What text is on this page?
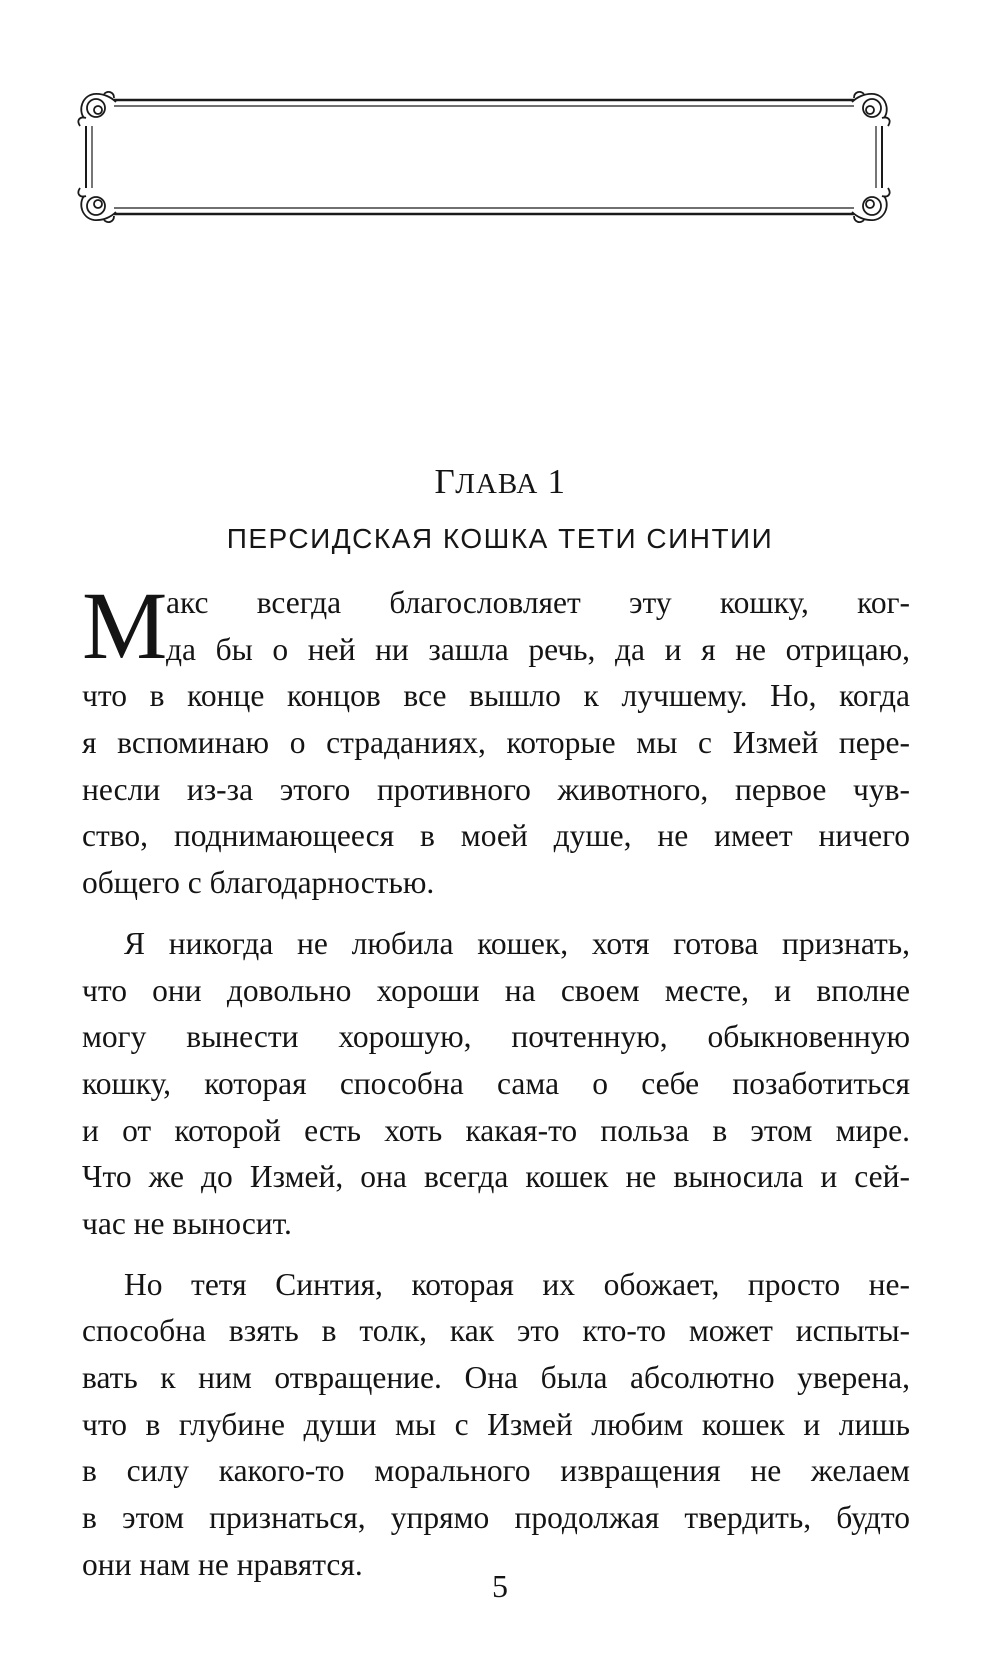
ГЛАВА 1
ПЕРСИДСКАЯ КОШКА ТЕТИ СИНТИИ
М
акс всегда благословляет эту кошку, ког-
да бы о ней ни зашла речь, да и я не отрицаю,
что в конце концов все вышло к лучшему. Но, когда
я вспоминаю о страданиях, которые мы с Измей пере-
несли из-за этого противного животного, первое чув-
ство, поднимающееся в моей душе, не имеет ничего
общего с благодарностью.
Я никогда не любила кошек, хотя готова признать,
что они довольно хороши на своем месте, и вполне
могу вынести хорошую, почтенную, обыкновенную
кошку, которая способна сама о себе позаботиться
и от которой есть хоть какая-то польза в этом мире.
Что же до Измей, она всегда кошек не выносила и сей-
час не выносит.
Но тетя Синтия, которая их обожает, просто не-
способна взять в толк, как это кто-то может испыты-
вать к ним отвращение. Она была абсолютно уверена,
что в глубине души мы с Измей любим кошек и лишь
в силу какого-то морального извращения не желаем
в этом признаться, упрямо продолжая твердить, будто
они нам не нравятся.
5
